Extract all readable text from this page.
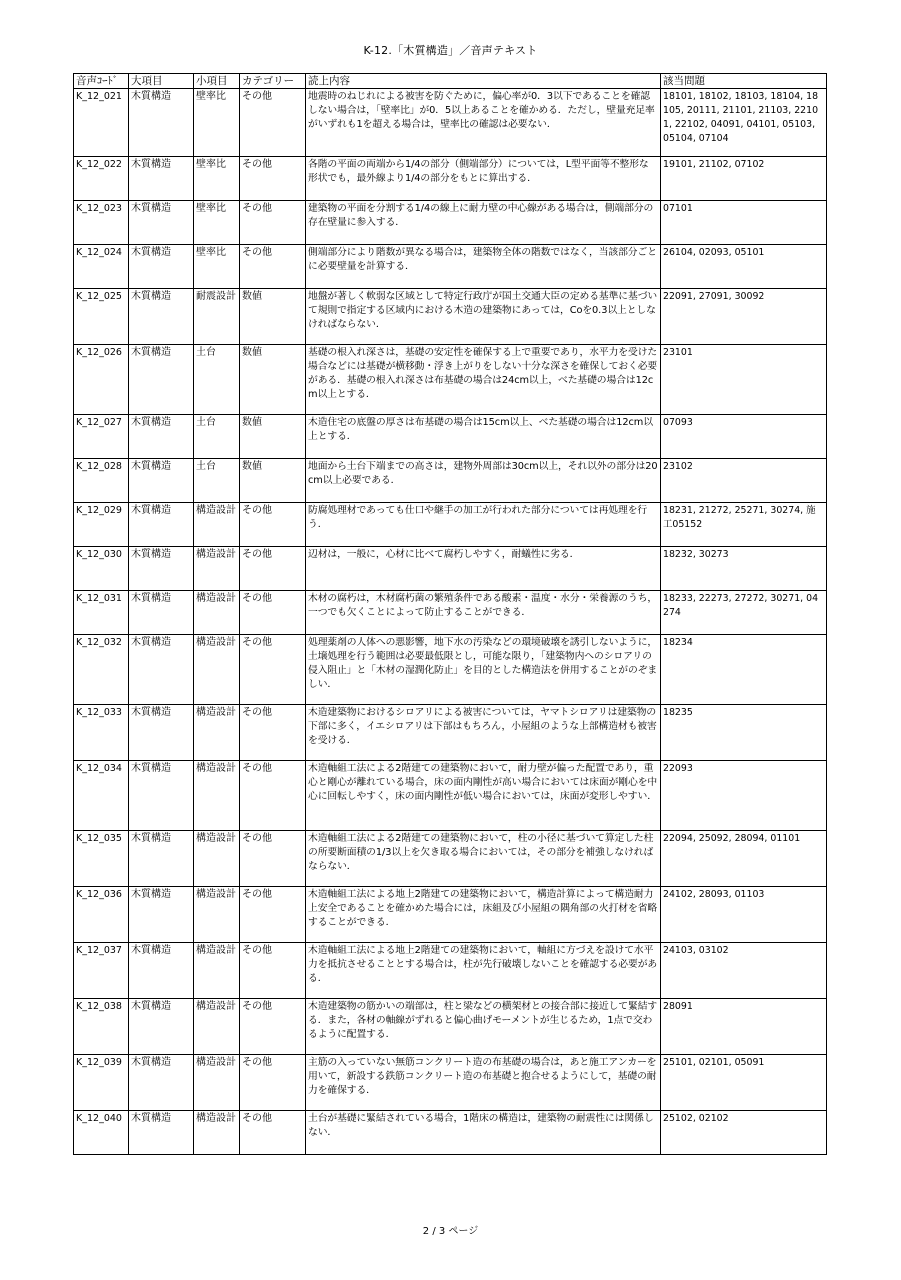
K-12.「木質構造」／音声テキスト
音声ｺｰﾄﾞ	大項目	小項目	カテゴリー	読上内容	該当問題
K_12_021	木質構造	壁率比	その他	地震時のねじれによる被害を防ぐために，偏心率が0．3以下であることを確認しない場合は，「壁率比」が0．5以上あることを確かめる．ただし，壁量充足率がいずれも1を超える場合は，壁率比の確認は必要ない．	18101, 18102, 18103, 18104, 18105, 20111, 21101, 21103, 22101, 22102, 04091, 04101, 05103, 05104, 07104
K_12_022	木質構造	壁率比	その他	各階の平面の両端から1/4の部分（側端部分）については，L型平面等不整形な形状でも，最外線より1/4の部分をもとに算出する．	19101, 21102, 07102
K_12_023	木質構造	壁率比	その他	建築物の平面を分割する1/4の線上に耐力壁の中心線がある場合は，側端部分の存在壁量に参入する．	07101
K_12_024	木質構造	壁率比	その他	側端部分により階数が異なる場合は，建築物全体の階数ではなく，当該部分ごとに必要壁量を計算する．	26104, 02093, 05101
K_12_025	木質構造	耐震設計	数値	地盤が著しく軟弱な区域として特定行政庁が国土交通大臣の定める基準に基づいて規則で指定する区域内における木造の建築物にあっては，Coを0.3以上としなければならない．	22091, 27091, 30092
K_12_026	木質構造	土台	数値	基礎の根入れ深さは，基礎の安定性を確保する上で重要であり，水平力を受けた場合などには基礎が横移動・浮き上がりをしない十分な深さを確保しておく必要がある．基礎の根入れ深さは布基礎の場合は24cm以上，べた基礎の場合は12cm以上とする．	23101
K_12_027	木質構造	土台	数値	木造住宅の底盤の厚さは布基礎の場合は15cm以上、べた基礎の場合は12cm以上とする．	07093
K_12_028	木質構造	土台	数値	地面から土台下端までの高さは，建物外周部は30cm以上，それ以外の部分は20cm以上必要である．	23102
K_12_029	木質構造	構造設計	その他	防腐処理材であっても仕口や継手の加工が行われた部分については再処理を行う．	18231, 21272, 25271, 30274, 施工05152
K_12_030	木質構造	構造設計	その他	辺材は，一般に，心材に比べて腐朽しやすく，耐蟻性に劣る．	18232, 30273
K_12_031	木質構造	構造設計	その他	木材の腐朽は，木材腐朽菌の繁殖条件である酸素・温度・水分・栄養源のうち，一つでも欠くことによって防止することができる．	18233, 22273, 27272, 30271, 04274
K_12_032	木質構造	構造設計	その他	処理薬剤の人体への悪影響，地下水の汚染などの環境破壊を誘引しないように，土壌処理を行う範囲は必要最低限とし，可能な限り，「建築物内へのシロアリの侵入阻止」と「木材の湿潤化防止」を目的とした構造法を併用することがのぞましい．	18234
K_12_033	木質構造	構造設計	その他	木造建築物におけるシロアリによる被害については，ヤマトシロアリは建築物の下部に多く，イエシロアリは下部はもちろん，小屋組のような上部構造材も被害を受ける．	18235
K_12_034	木質構造	構造設計	その他	木造軸組工法による2階建ての建築物において，耐力壁が偏った配置であり，重心と剛心が離れている場合，床の面内剛性が高い場合においては床面が剛心を中心に回転しやすく，床の面内剛性が低い場合においては，床面が変形しやすい．	22093
K_12_035	木質構造	構造設計	その他	木造軸組工法による2階建ての建築物において，柱の小径に基づいて算定した柱の所要断面積の1/3以上を欠き取る場合においては，その部分を補強しなければならない．	22094, 25092, 28094, 01101
K_12_036	木質構造	構造設計	その他	木造軸組工法による地上2階建ての建築物において，構造計算によって構造耐力上安全であることを確かめた場合には，床組及び小屋組の隅角部の火打材を省略することができる．	24102, 28093, 01103
K_12_037	木質構造	構造設計	その他	木造軸組工法による地上2階建ての建築物において，軸組に方づえを設けて水平力を抵抗させることとする場合は，柱が先行破壊しないことを確認する必要がある．	24103, 03102
K_12_038	木質構造	構造設計	その他	木造建築物の筋かいの端部は，柱と梁などの横架材との接合部に接近して緊結する．また，各材の軸線がずれると偏心曲げモーメントが生じるため，1点で交わるように配置する．	28091
K_12_039	木質構造	構造設計	その他	主筋の入っていない無筋コンクリート造の布基礎の場合は，あと施工アンカーを用いて，新設する鉄筋コンクリート造の布基礎と抱合せるようにして，基礎の耐力を確保する．	25101, 02101, 05091
K_12_040	木質構造	構造設計	その他	土台が基礎に緊結されている場合，1階床の構造は，建築物の耐震性には関係しない．	25102, 02102
2 / 3 ページ
